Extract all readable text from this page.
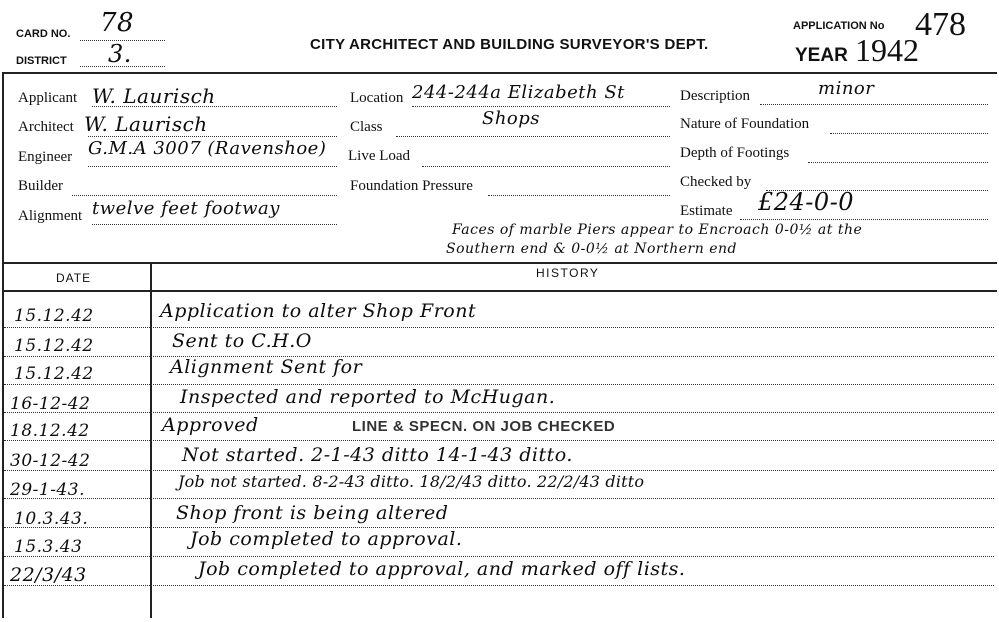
CARD NO. 78
DISTRICT 3.	CITY ARCHITECT AND BUILDING SURVEYOR'S DEPT.
APPLICATION No 478
YEAR 1942
Applicant W. Laurisch
Architect W. Laurisch
Engineer G.M.A 3007 (Ravenshoe)
Builder
Alignment twelve feet footway
Location 244-244a Elizabeth St
Class	Shops
Live Load
Foundation Pressure
Description	minor
Nature of Foundation
Depth of Footings
Checked by
Estimate £24-0-0
Faces of marble Piers appear to Encroach 0-0½ at the
Southern end & 0-0½ at Northern end
DATE	HISTORY
15.12.42	Application to alter Shop Front
15.12.42	Sent to C.H.O
15.12.42	Alignment Sent for
16-12-42	Inspected and reported to McHugan.
18.12.42	Approved	LINE & SPECN. ON JOB CHECKED
30-12-42	Not started. 2-1-43 ditto 14-1-43 ditto.
29-1-43.	Job not started. 8-2-43 ditto. 18/2/43 ditto. 22/2/43 ditto
10.3.43.	Shop front is being altered
15.3.43	Job completed to approval.
22/3/43	Job completed to approval, and marked off lists.
